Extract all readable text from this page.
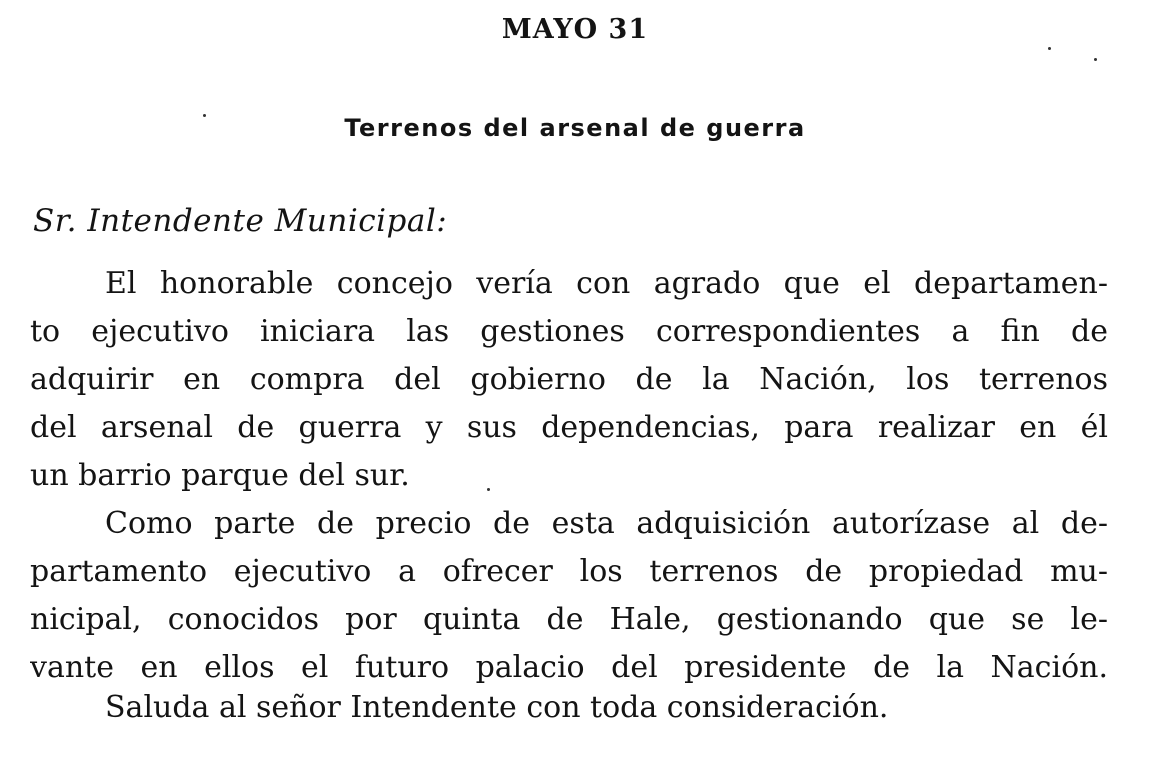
MAYO 31
Terrenos del arsenal de guerra
Sr. Intendente Municipal:
El honorable concejo vería con agrado que el departamen-
to ejecutivo iniciara las gestiones correspondientes a fin de
adquirir en compra del gobierno de la Nación, los terrenos
del arsenal de guerra y sus dependencias, para realizar en él
un barrio parque del sur.
Como parte de precio de esta adquisición autorízase al de-
partamento ejecutivo a ofrecer los terrenos de propiedad mu-
nicipal, conocidos por quinta de Hale, gestionando que se le-
vante en ellos el futuro palacio del presidente de la Nación.
Saluda al señor Intendente con toda consideración.
